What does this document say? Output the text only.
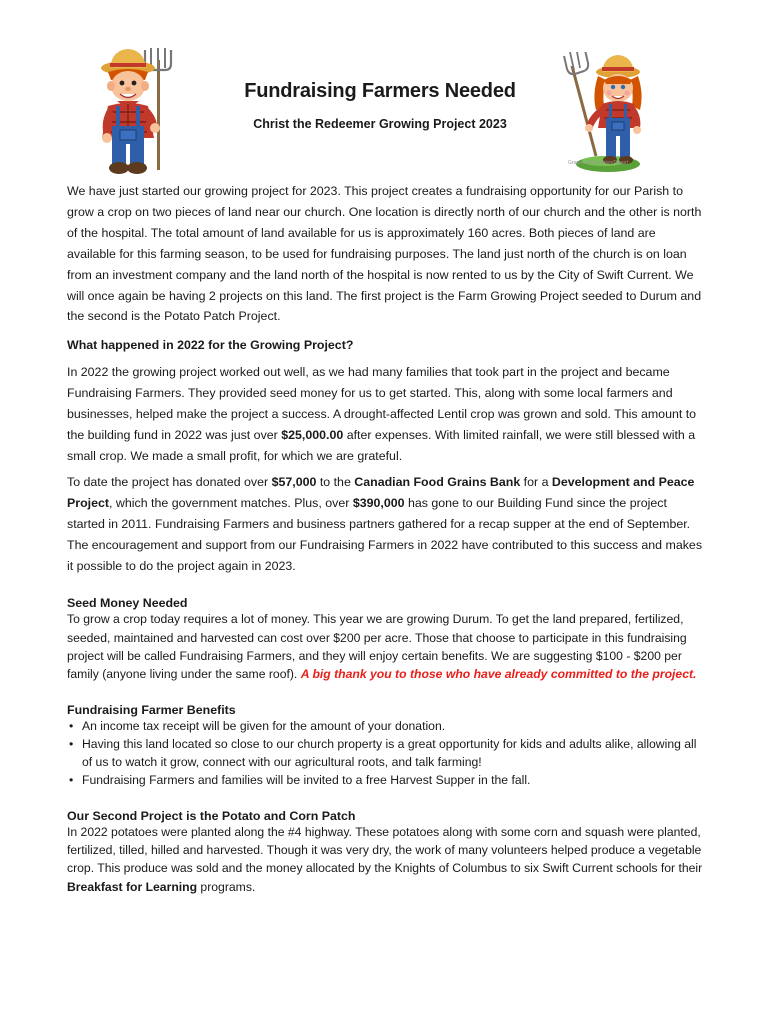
Fundraising Farmers Needed
Christ the Redeemer Growing Project 2023
Graphics/Illustration/Clipart

We have just started our growing project for 2023. This project creates a fundraising opportunity for our Parish to grow a crop on two pieces of land near our church. One location is directly north of our church and the other is north of the hospital. The total amount of land available for us is approximately 160 acres. Both pieces of land are available for this farming season, to be used for fundraising purposes. The land just north of the church is on loan from an investment company and the land north of the hospital is now rented to us by the City of Swift Current. We will once again be having 2 projects on this land. The first project is the Farm Growing Project seeded to Durum and the second is the Potato Patch Project.

What happened in 2022 for the Growing Project?

In 2022 the growing project worked out well, as we had many families that took part in the project and became Fundraising Farmers. They provided seed money for us to get started. This, along with some local farmers and businesses, helped make the project a success. A drought-affected Lentil crop was grown and sold. This amount to the building fund in 2022 was just over $25,000.00 after expenses. With limited rainfall, we were still blessed with a small crop. We made a small profit, for which we are grateful.

To date the project has donated over $57,000 to the Canadian Food Grains Bank for a Development and Peace Project, which the government matches. Plus, over $390,000 has gone to our Building Fund since the project started in 2011. Fundraising Farmers and business partners gathered for a recap supper at the end of September. The encouragement and support from our Fundraising Farmers in 2022 have contributed to this success and makes it possible to do the project again in 2023.

Seed Money Needed

To grow a crop today requires a lot of money. This year we are growing Durum. To get the land prepared, fertilized, seeded, maintained and harvested can cost over $200 per acre. Those that choose to participate in this fundraising project will be called Fundraising Farmers, and they will enjoy certain benefits. We are suggesting $100 - $200 per family (anyone living under the same roof). A big thank you to those who have already committed to the project.

Fundraising Farmer Benefits
• An income tax receipt will be given for the amount of your donation.
• Having this land located so close to our church property is a great opportunity for kids and adults alike, allowing all of us to watch it grow, connect with our agricultural roots, and talk farming!
• Fundraising Farmers and families will be invited to a free Harvest Supper in the fall.
Our Second Project is the Potato and Corn Patch

In 2022 potatoes were planted along the #4 highway. These potatoes along with some corn and squash were planted, fertilized, tilled, hilled and harvested. Though it was very dry, the work of many volunteers helped produce a vegetable crop. This produce was sold and the money allocated by the Knights of Columbus to six Swift Current schools for their Breakfast for Learning programs.
